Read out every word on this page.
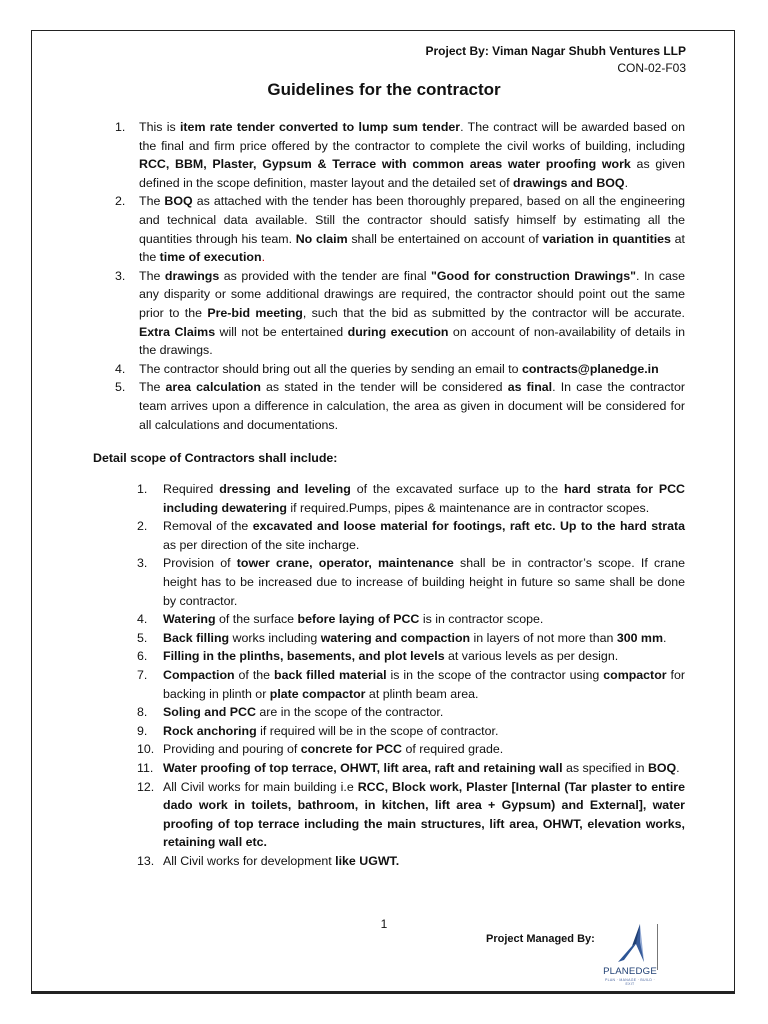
Project By: Viman Nagar Shubh Ventures LLP
CON-02-F03
Guidelines for the contractor
1. This is item rate tender converted to lump sum tender. The contract will be awarded based on the final and firm price offered by the contractor to complete the civil works of building, including RCC, BBM, Plaster, Gypsum & Terrace with common areas water proofing work as given defined in the scope definition, master layout and the detailed set of drawings and BOQ.
2. The BOQ as attached with the tender has been thoroughly prepared, based on all the engineering and technical data available. Still the contractor should satisfy himself by estimating all the quantities through his team. No claim shall be entertained on account of variation in quantities at the time of execution.
3. The drawings as provided with the tender are final "Good for construction Drawings". In case any disparity or some additional drawings are required, the contractor should point out the same prior to the Pre-bid meeting, such that the bid as submitted by the contractor will be accurate. Extra Claims will not be entertained during execution on account of non-availability of details in the drawings.
4. The contractor should bring out all the queries by sending an email to contracts@planedge.in
5. The area calculation as stated in the tender will be considered as final. In case the contractor team arrives upon a difference in calculation, the area as given in document will be considered for all calculations and documentations.
Detail scope of Contractors shall include:
1. Required dressing and leveling of the excavated surface up to the hard strata for PCC including dewatering if required.Pumps, pipes & maintenance are in contractor scopes.
2. Removal of the excavated and loose material for footings, raft etc. Up to the hard strata as per direction of the site incharge.
3. Provision of tower crane, operator, maintenance shall be in contractor’s scope. If crane height has to be increased due to increase of building height in future so same shall be done by contractor.
4. Watering of the surface before laying of PCC is in contractor scope.
5. Back filling works including watering and compaction in layers of not more than 300 mm.
6. Filling in the plinths, basements, and plot levels at various levels as per design.
7. Compaction of the back filled material is in the scope of the contractor using compactor for backing in plinth or plate compactor at plinth beam area.
8. Soling and PCC are in the scope of the contractor.
9. Rock anchoring if required will be in the scope of contractor.
10. Providing and pouring of concrete for PCC of required grade.
11. Water proofing of top terrace, OHWT, lift area, raft and retaining wall as specified in BOQ.
12. All Civil works for main building i.e RCC, Block work, Plaster [Internal (Tar plaster to entire dado work in toilets, bathroom, in kitchen, lift area + Gypsum) and External], water proofing of top terrace including the main structures, lift area, OHWT, elevation works, retaining wall etc.
13. All Civil works for development like UGWT.
1
Project Managed By:
PLANEDGE
PLAN · MANAGE · BUILD · EXIT
